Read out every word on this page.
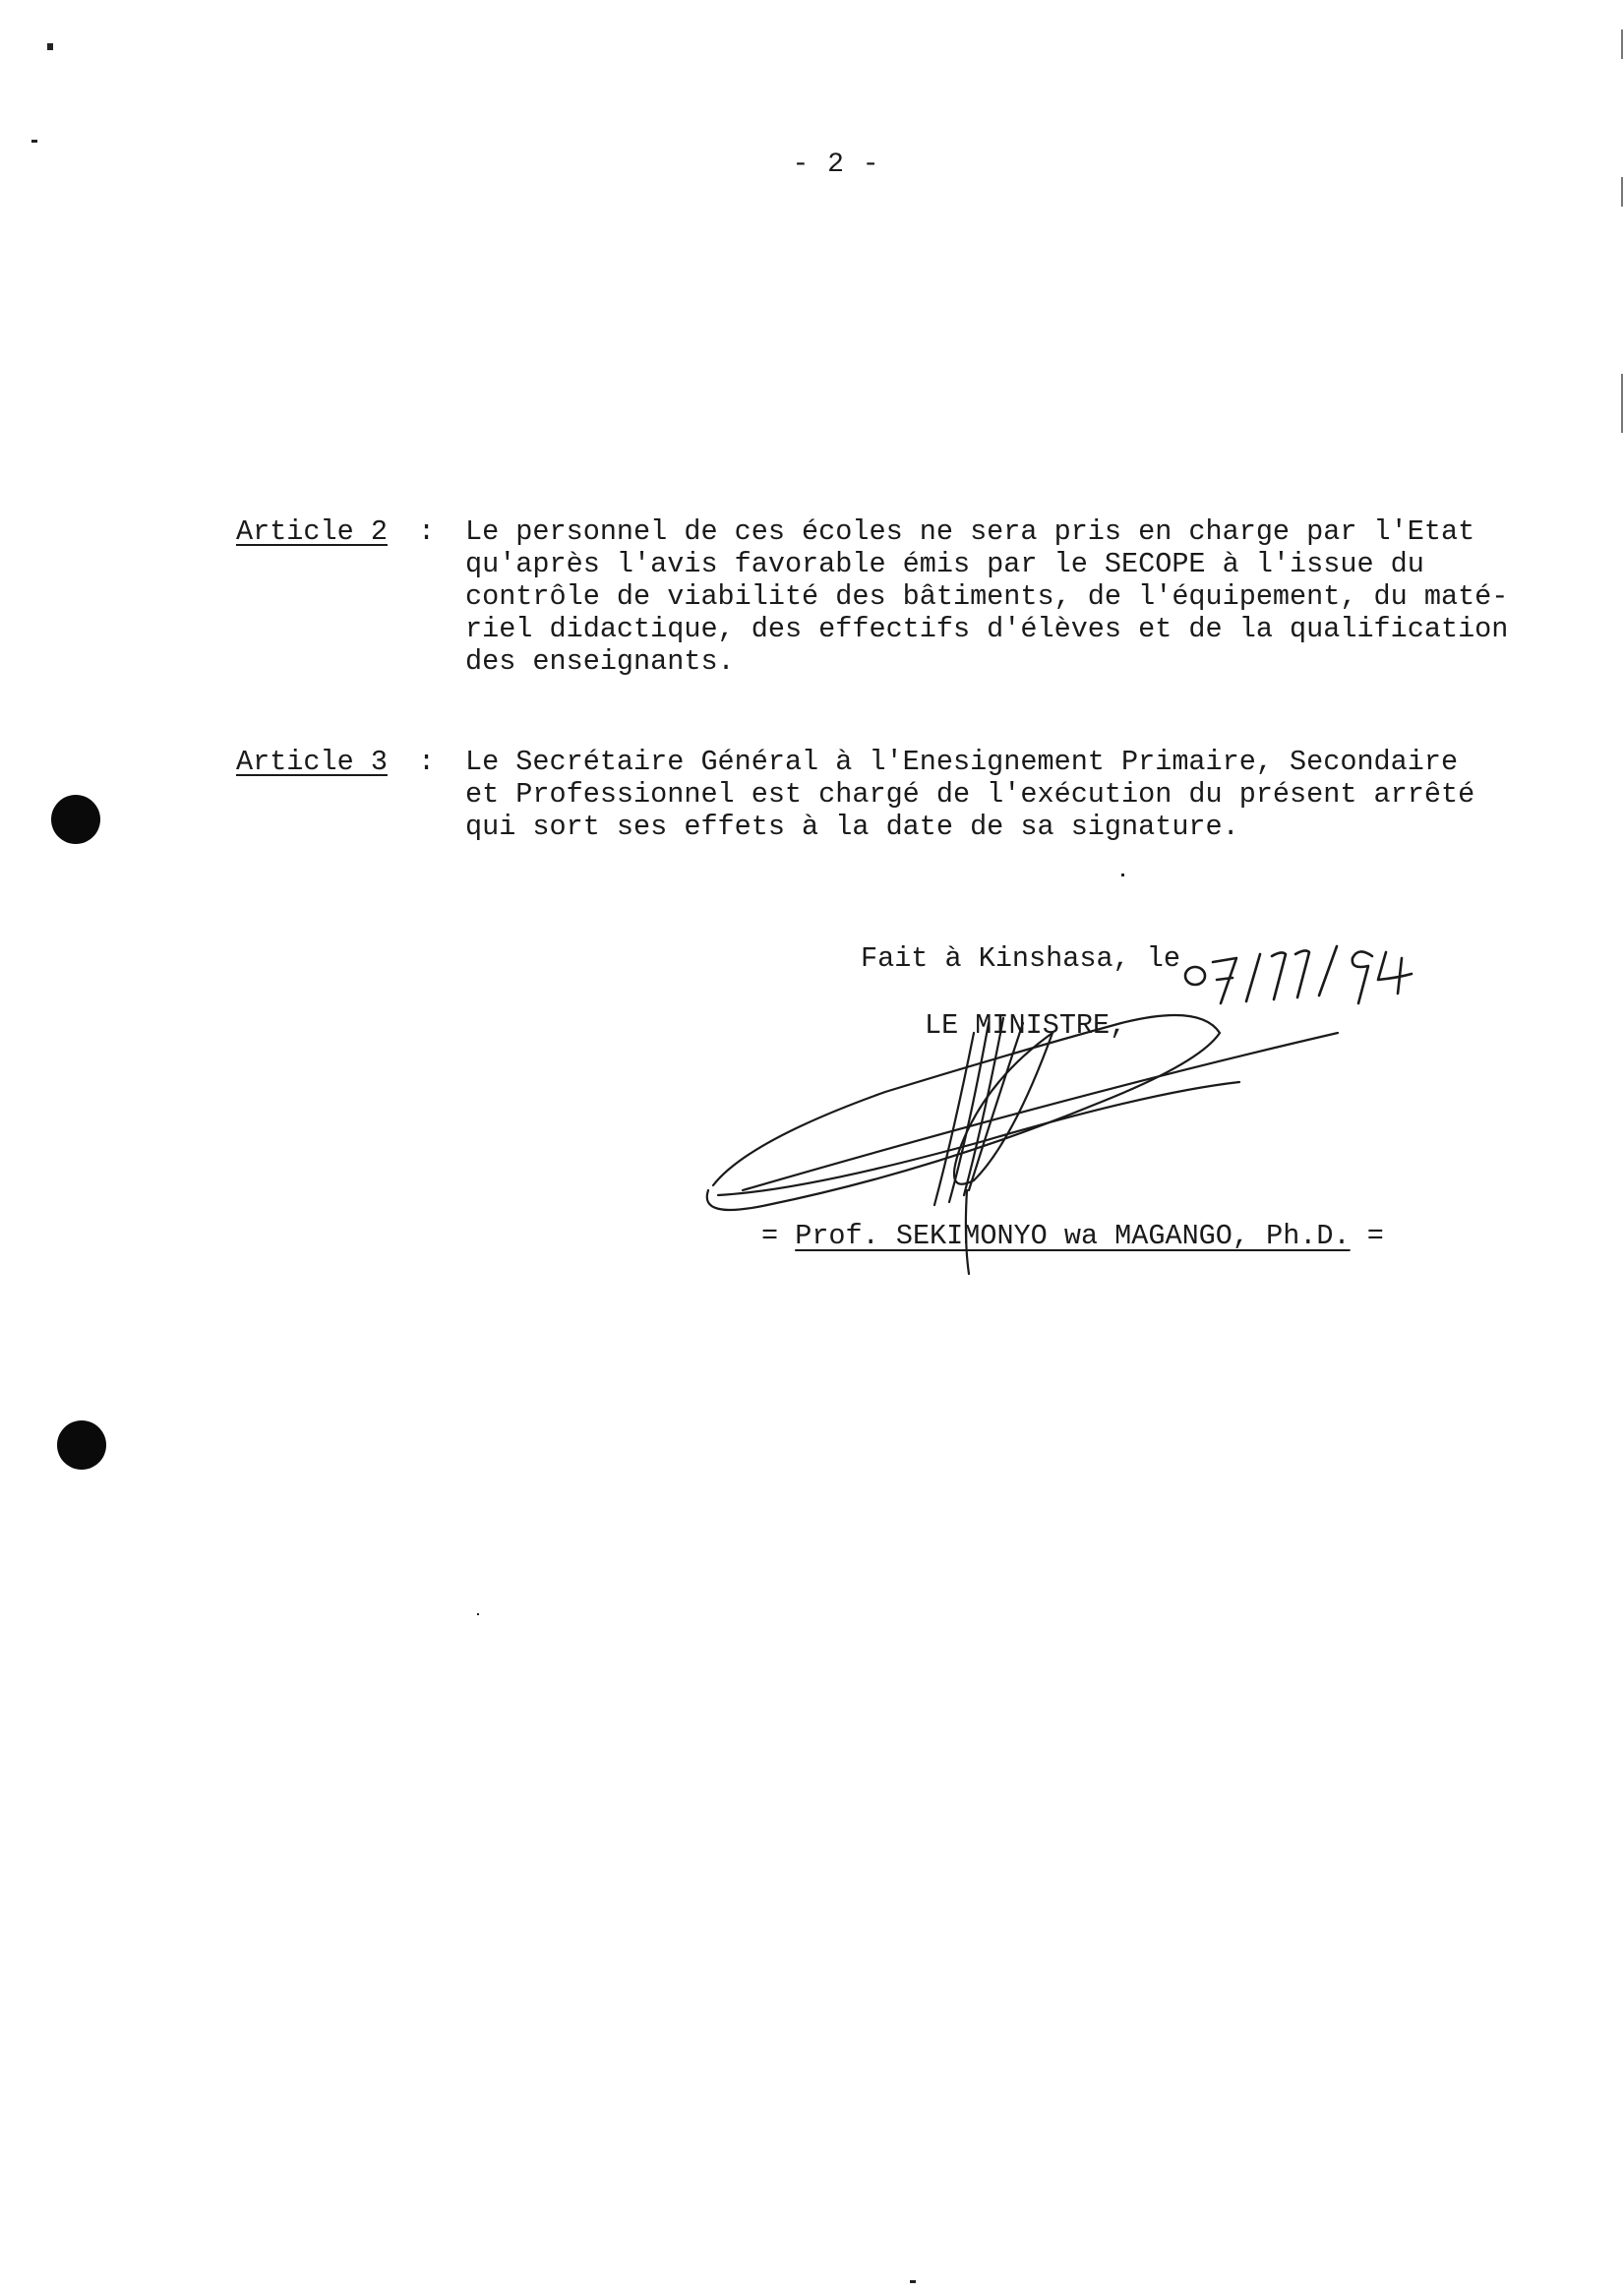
- 2 -
Article 2 : Le personnel de ces écoles ne sera pris en charge par l'Etat
qu'après l'avis favorable émis par le SECOPE à l'issue du
contrôle de viabilité des bâtiments, de l'équipement, du maté-
riel didactique, des effectifs d'élèves et de la qualification
des enseignants.
Article 3 : Le Secrétaire Général à l'Enesignement Primaire, Secondaire
et Professionnel est chargé de l'exécution du présent arrêté
qui sort ses effets à la date de sa signature.
Fait à Kinshasa, le
LE MINISTRE,
= Prof. SEKIMONYO wa MAGANGO, Ph.D. =
